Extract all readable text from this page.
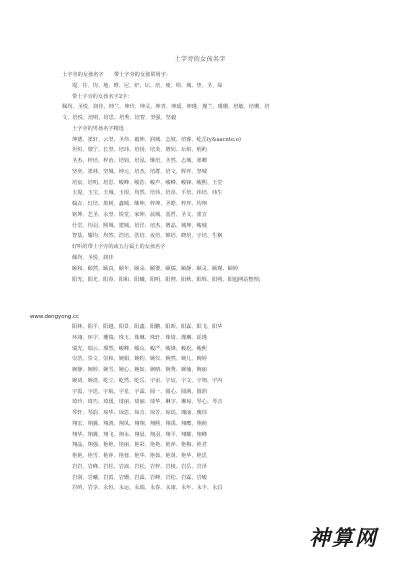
土字旁的女孩名字
土字旁的女孩名字　　带土字旁的女孩常用字：
堤、往、均、地、堆、尼、炉、坛、培、埂、埠、城、垫、圣、垛
带土字旁的女孩名字2字：
佩均、圣悦、润佳、坤兰、坤玲、坤灵、坤青、坤瑗、坤瑾、瑾兰、瑾珊、培敏、培珊、培
文、培悦、培明、培思、培秀、培智、坚强、坚毅
土字旁的男孩名字精选
坤德、墨轩、云坚、圣伟、毅坤、润城、志坡、培睿、屹岳(y&aacute;o)
坦烜、墩宁、长坚、培玮、培扬、培炎、增钊、坛焰、炳屿
圣杰、梓培、梓治、培钧、培泓、继培、圣然、志城、墨卿
坚奕、墨林、坚城、坤元、培杰、培群、培文、辉坪、坚城
培宸、培明、培思、峻峰、峻浩、峻声、峻峰、峻锋、峻熙、玉堂
玉堤、玉宝、玉城、玉垠、均然、培伟、培昂、平培、纬培、纬生
翰垚、灯培、墨树、鑫城、继坤、梓坤、圣皓、梓坪、均翔
铭坤、艺圣、永坚、锐堂、家坤、晨城、基哲、圣文、墨宣
仕堂、均羽、熙城、建城、培洋、培杰、增晶、城坤、峻城
智基、耀均、均然、浩培、浩培、夜培、锦培、晓培、宇培、生枫
好听的带土字旁的或五行属土的女孩名字
佩均、圣悦、润佳
颐和、颐然、颐真、颐年、颐朵、颐婴、颐儒、颐静、颐灵、颐瑾、颐婷
阳光、阳光、阳春、阳和、阳曦、阳明、阳煦、阳秋、阳辉、阳朔、阳旭网站整理;
www.dengyong.cc
阳林、阳平、阳越、阳景、阳鑫、阳鹏、阳晖、阳霖、阳飞、阳华
环翊、环宇、珊瑞、珠玉、珠琳、珠轩、珠琦、瑾琳、瑶瑾
瑞光、瑞云、璨然、峻峰、峻山、峻严、峻锋、峻松、峻熙
崇浩、崇文、崇和、婉娟、婉约、婉仪、婉然、婉儿、婉婷
婉静、婉婷、婉雪、婉心、婉如、婉晴、婉秀、婉瑜、婉丽
婉词、婉清、屹立、屹然、屹岳、宇宙、宇宸、宇文、宇翔、宇内
宇霞、宇迅、宇航、宇星、宇霖、圆一、圆心、圆满、圆润
琦玲、琦巧、琦瑗、琦丽、琦丽、琦华、琳宇、琳琼、琴心、琴音
琴轩、琴韵、琼华、琼思、琼音、琼芳、琼瑶、瑰丽、瑰玮
翔宏、翔翼、翔鸿、翔凤、翔翔、翔熙、翔禹、翔鹰、翔萌
翔华、翔翼、翔飞、翔永、翔晨、翔羽、翔平、翔耀、翔峰
翔晶、翔强、艳艳、艳丽、艳彩、艳艳、艳萍、艳梅、艳君
艳艳、艳雪、艳萍、艳蓉、艳华、艳茹、艳贤、艳华、艳思
岩岩、岩峰、岩松、岩嵩、岩松、岩梓、岩棱、岩岳、岩泽
岩润、岩曦、岩霞、岩珊、岩霖、岩峰、岩松、岩霖、岩峻
岩屿、岩享、永恒、永运、永端、永春、永康、永年、永丰、永昌
神算网
